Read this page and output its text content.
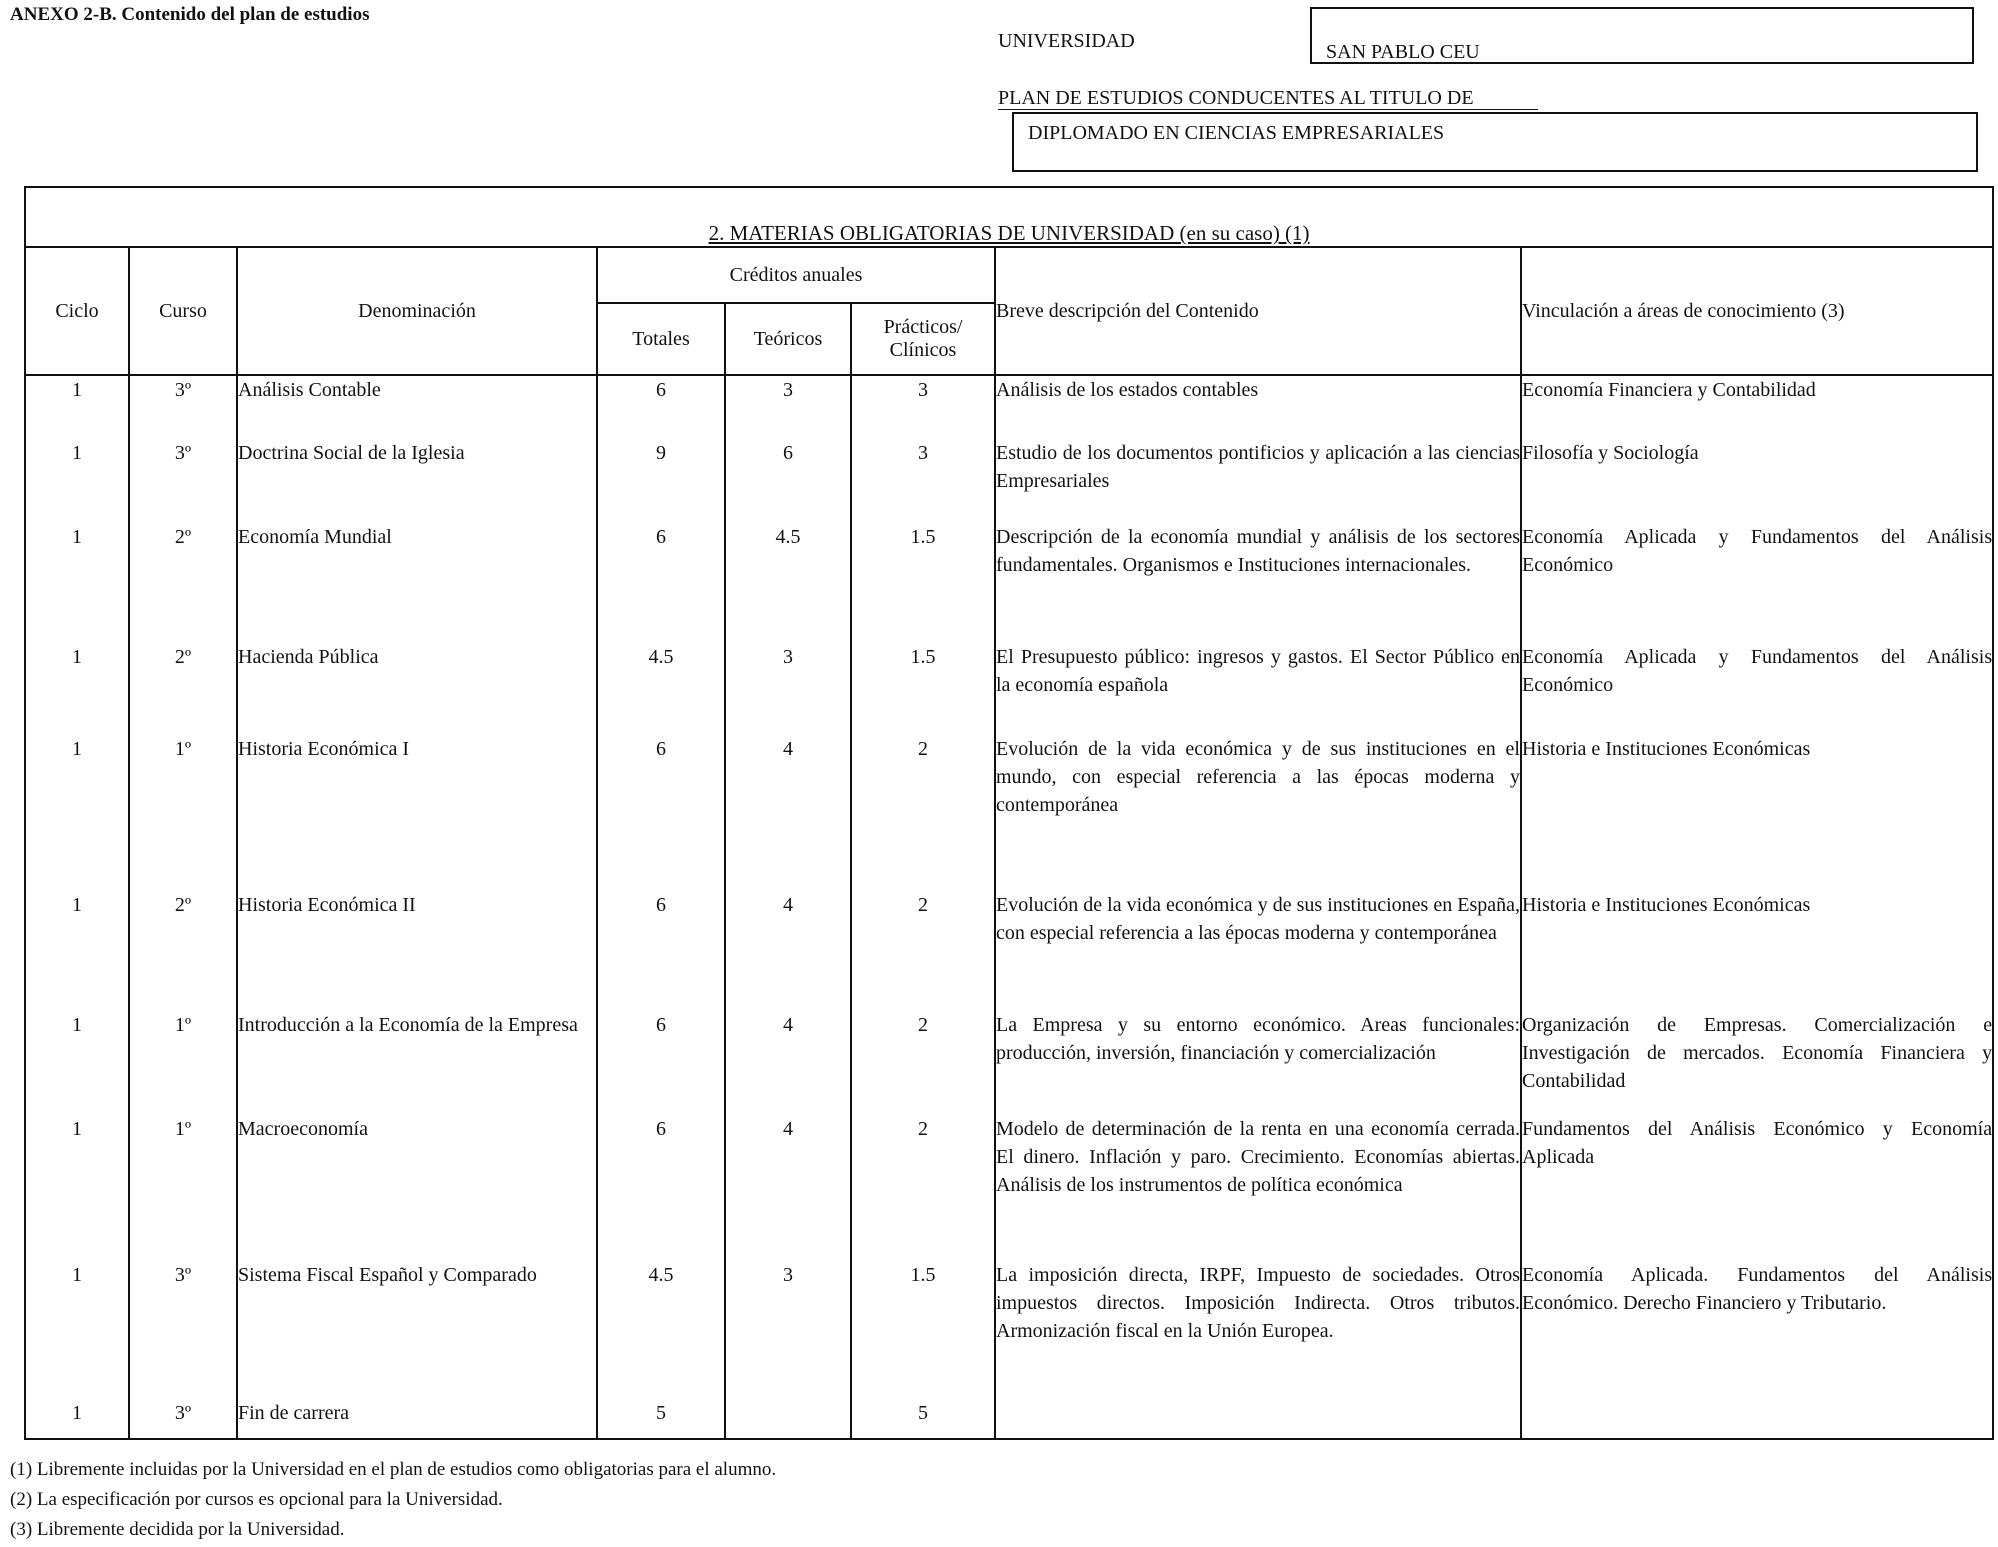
ANEXO 2-B. Contenido del plan de estudios
UNIVERSIDAD	SAN PABLO CEU
PLAN DE ESTUDIOS CONDUCENTES AL TITULO DE
DIPLOMADO EN CIENCIAS EMPRESARIALES
2. MATERIAS OBLIGATORIAS DE UNIVERSIDAD (en su caso) (1)							
Ciclo	Curso	Denominación	Créditos anuales			Breve descripción del Contenido	Vinculación a áreas de conocimiento (3)
			Totales	Teóricos	Prácticos/ Clínicos		
1	3º	Análisis Contable	6	3	3	Análisis de los estados contables	Economía Financiera y Contabilidad
1	3º	Doctrina Social de la Iglesia	9	6	3	Estudio de los documentos pontificios y aplicación a las ciencias Empresariales	Filosofía y Sociología
1	2º	Economía Mundial	6	4.5	1.5	Descripción de la economía mundial y análisis de los sectores fundamentales. Organismos e Instituciones internacionales.	Economía Aplicada y Fundamentos del Análisis Económico
1	2º	Hacienda Pública	4.5	3	1.5	El Presupuesto público: ingresos y gastos. El Sector Público en la economía española	Economía Aplicada y Fundamentos del Análisis Económico
1	1º	Historia Económica I	6	4	2	Evolución de la vida económica y de sus instituciones en el mundo, con especial referencia a las épocas moderna y contemporánea	Historia e Instituciones Económicas
1	2º	Historia Económica II	6	4	2	Evolución de la vida económica y de sus instituciones en España, con especial referencia a las épocas moderna y contemporánea	Historia e Instituciones Económicas
1	1º	Introducción a la Economía de la Empresa	6	4	2	La Empresa y su entorno económico. Areas funcionales: producción, inversión, financiación y comercialización	Organización de Empresas. Comercialización e Investigación de mercados. Economía Financiera y Contabilidad
1	1º	Macroeconomía	6	4	2	Modelo de determinación de la renta en una economía cerrada. El dinero. Inflación y paro. Crecimiento. Economías abiertas. Análisis de los instrumentos de política económica	Fundamentos del Análisis Económico y Economía Aplicada
1	3º	Sistema Fiscal Español y Comparado	4.5	3	1.5	La imposición directa, IRPF, Impuesto de sociedades. Otros impuestos directos. Imposición Indirecta. Otros tributos. Armonización fiscal en la Unión Europea.	Economía Aplicada. Fundamentos del Análisis Económico. Derecho Financiero y Tributario.
1	3º	Fin de carrera	5		5		
(1) Libremente incluidas por la Universidad en el plan de estudios como obligatorias para el alumno.
(2) La especificación por cursos es opcional para la Universidad.
(3) Libremente decidida por la Universidad.
